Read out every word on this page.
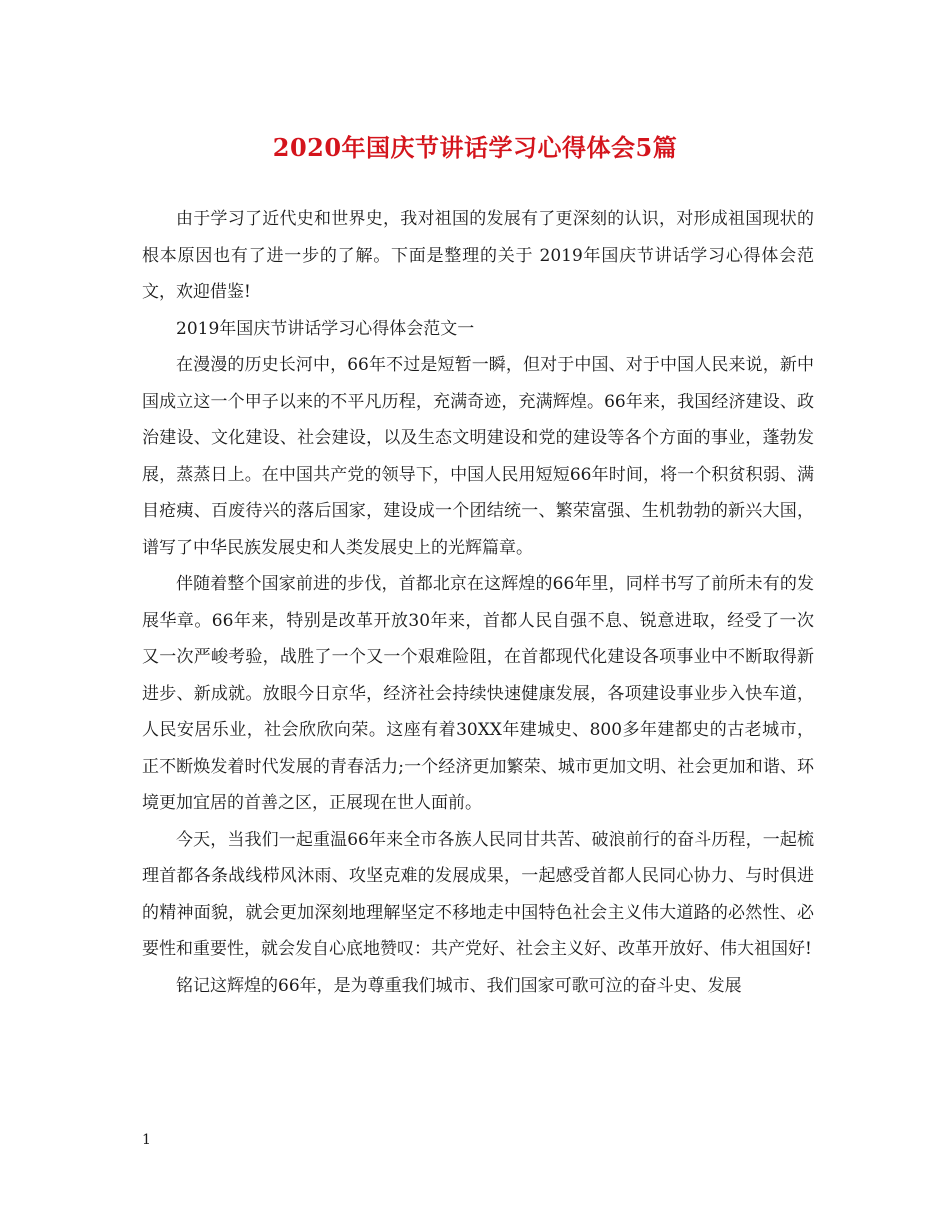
2020年国庆节讲话学习心得体会5篇

由于学习了近代史和世界史，我对祖国的发展有了更深刻的认识，对形成祖国现状的根本原因也有了进一步的了解。下面是整理的关于 2019年国庆节讲话学习心得体会范文，欢迎借鉴!

2019年国庆节讲话学习心得体会范文一

在漫漫的历史长河中，66年不过是短暂一瞬，但对于中国、对于中国人民来说，新中国成立这一个甲子以来的不平凡历程，充满奇迹，充满辉煌。66年来，我国经济建设、政治建设、文化建设、社会建设，以及生态文明建设和党的建设等各个方面的事业，蓬勃发展，蒸蒸日上。在中国共产党的领导下，中国人民用短短66年时间，将一个积贫积弱、满目疮痍、百废待兴的落后国家，建设成一个团结统一、繁荣富强、生机勃勃的新兴大国，谱写了中华民族发展史和人类发展史上的光辉篇章。

伴随着整个国家前进的步伐，首都北京在这辉煌的66年里，同样书写了前所未有的发展华章。66年来，特别是改革开放30年来，首都人民自强不息、锐意进取，经受了一次又一次严峻考验，战胜了一个又一个艰难险阻，在首都现代化建设各项事业中不断取得新进步、新成就。放眼今日京华，经济社会持续快速健康发展，各项建设事业步入快车道，人民安居乐业，社会欣欣向荣。这座有着30XX年建城史、800多年建都史的古老城市，正不断焕发着时代发展的青春活力;一个经济更加繁荣、城市更加文明、社会更加和谐、环境更加宜居的首善之区，正展现在世人面前。

今天，当我们一起重温66年来全市各族人民同甘共苦、破浪前行的奋斗历程，一起梳理首都各条战线栉风沐雨、攻坚克难的发展成果，一起感受首都人民同心协力、与时俱进的精神面貌，就会更加深刻地理解坚定不移地走中国特色社会主义伟大道路的必然性、必要性和重要性，就会发自心底地赞叹：共产党好、社会主义好、改革开放好、伟大祖国好!

铭记这辉煌的66年，是为尊重我们城市、我们国家可歌可泣的奋斗史、发展

1
